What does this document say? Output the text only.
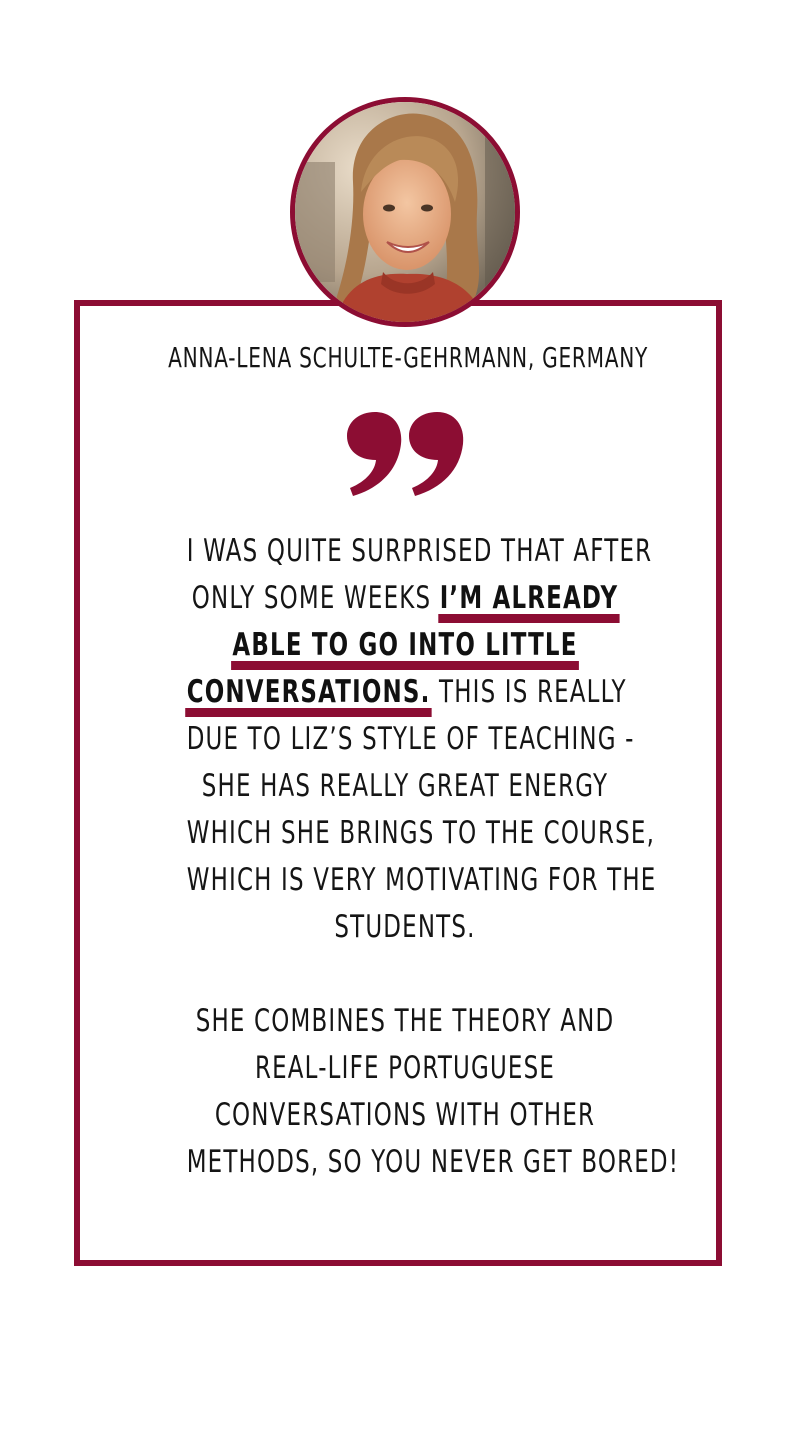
ANNA-LENA SCHULTE-GEHRMANN, GERMANY

I WAS QUITE SURPRISED THAT AFTER
ONLY SOME WEEKS I’M ALREADY
ABLE TO GO INTO LITTLE
CONVERSATIONS. THIS IS REALLY
DUE TO LIZ’S STYLE OF TEACHING -
SHE HAS REALLY GREAT ENERGY
WHICH SHE BRINGS TO THE COURSE,
WHICH IS VERY MOTIVATING FOR THE
STUDENTS.

SHE COMBINES THE THEORY AND
REAL-LIFE PORTUGUESE
CONVERSATIONS WITH OTHER
METHODS, SO YOU NEVER GET BORED!
